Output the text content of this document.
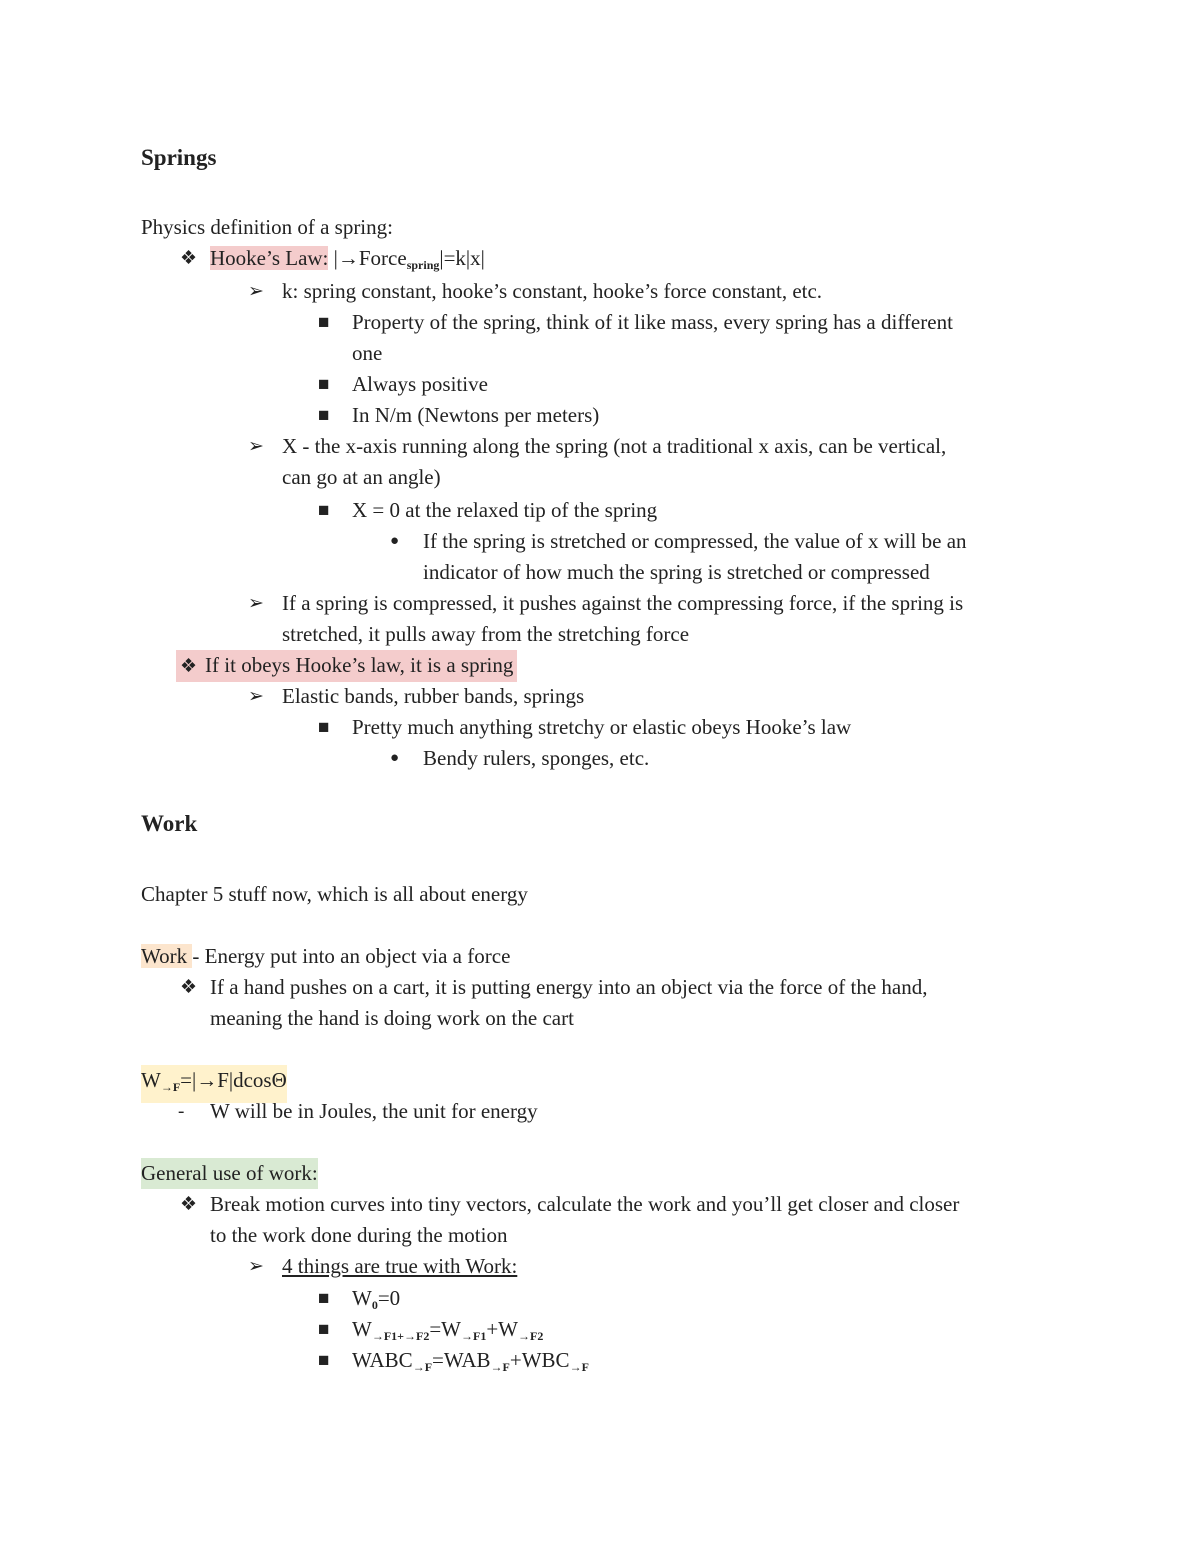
Springs
Physics definition of a spring:
❖ Hooke’s Law: |→Force$_{spring}$|=k|x|
➢ k: spring constant, hooke’s constant, hooke’s force constant, etc.
■ Property of the spring, think of it like mass, every spring has a different
one
■ Always positive
■ In N/m (Newtons per meters)
➢ X - the x-axis running along the spring (not a traditional x axis, can be vertical,
can go at an angle)
■ X = 0 at the relaxed tip of the spring
● If the spring is stretched or compressed, the value of x will be an
indicator of how much the spring is stretched or compressed
➢ If a spring is compressed, it pushes against the compressing force, if the spring is
stretched, it pulls away from the stretching force
❖ If it obeys Hooke’s law, it is a spring
➢ Elastic bands, rubber bands, springs
■ Pretty much anything stretchy or elastic obeys Hooke’s law
● Bendy rulers, sponges, etc.
Work
Chapter 5 stuff now, which is all about energy
Work - Energy put into an object via a force
❖ If a hand pushes on a cart, it is putting energy into an object via the force of the hand,
meaning the hand is doing work on the cart
W→F=|→F|dcosΘ
- W will be in Joules, the unit for energy
General use of work:
❖ Break motion curves into tiny vectors, calculate the work and you’ll get closer and closer
to the work done during the motion
➢ 4 things are true with Work:
■ $W_0=0$
■ W→F1+→F2=W→F1+W→F2
■ WABC→F=WAB→F+WBC→F
